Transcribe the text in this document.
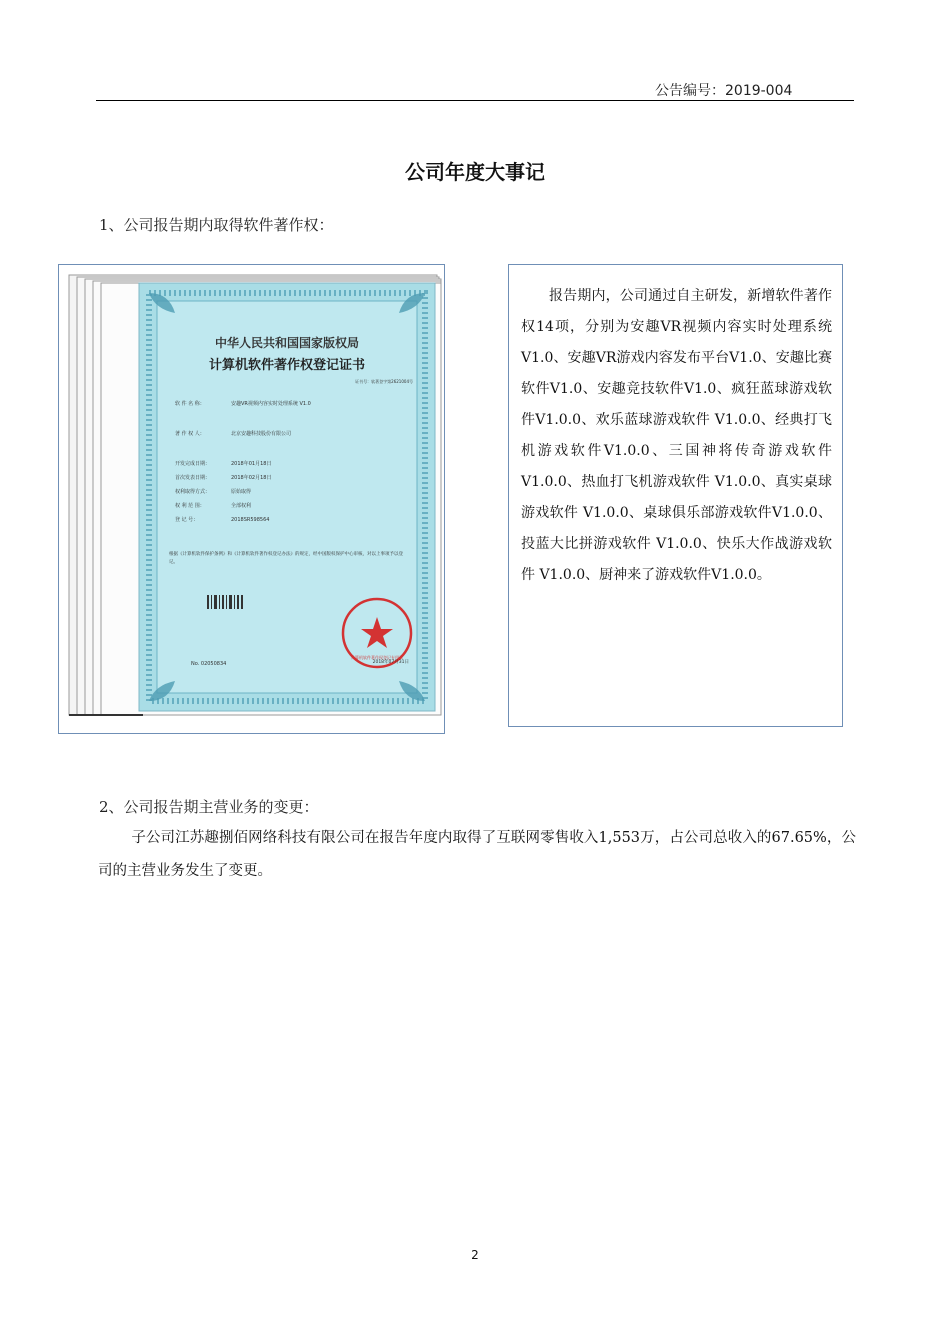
公告编号：2019-004
公司年度大事记
1、公司报告期内取得软件著作权：
中华人民共和国国家版权局
计算机软件著作权登记证书
证书号：软著登字第2621004号
软 件 名 称：	安趣VR视频内容实时处理系统 V1.0
著 作 权 人：	北京安趣科技股份有限公司
开发完成日期：	2018年01月18日
首次发表日期：	2018年02月18日
权利取得方式：	原始取得
权 利 范 围：	全部权利
登 记 号：	2018SR598564
根据《计算机软件保护条例》和《计算机软件著作权登记办法》的规定，经中国版权保护中心审核，对以上事项予以登记。
计算机软件著作权登记专用章
No. 02050834	2018年07月31日
报告期内，公司通过自主研发，新增软件著作权14项，分别为安趣VR视频内容实时处理系统V1.0、安趣VR游戏内容发布平台V1.0、安趣比赛软件V1.0、安趣竞技软件V1.0、疯狂蓝球游戏软件V1.0.0、欢乐蓝球游戏软件 V1.0.0、经典打飞机游戏软件V1.0.0、三国神将传奇游戏软件V1.0.0、热血打飞机游戏软件 V1.0.0、真实桌球游戏软件 V1.0.0、桌球俱乐部游戏软件V1.0.0、投蓝大比拼游戏软件 V1.0.0、快乐大作战游戏软件 V1.0.0、厨神来了游戏软件V1.0.0。
2、公司报告期主营业务的变更：
子公司江苏趣捌佰网络科技有限公司在报告年度内取得了互联网零售收入1,553万，占公司总收入的67.65%，公司的主营业务发生了变更。
2
